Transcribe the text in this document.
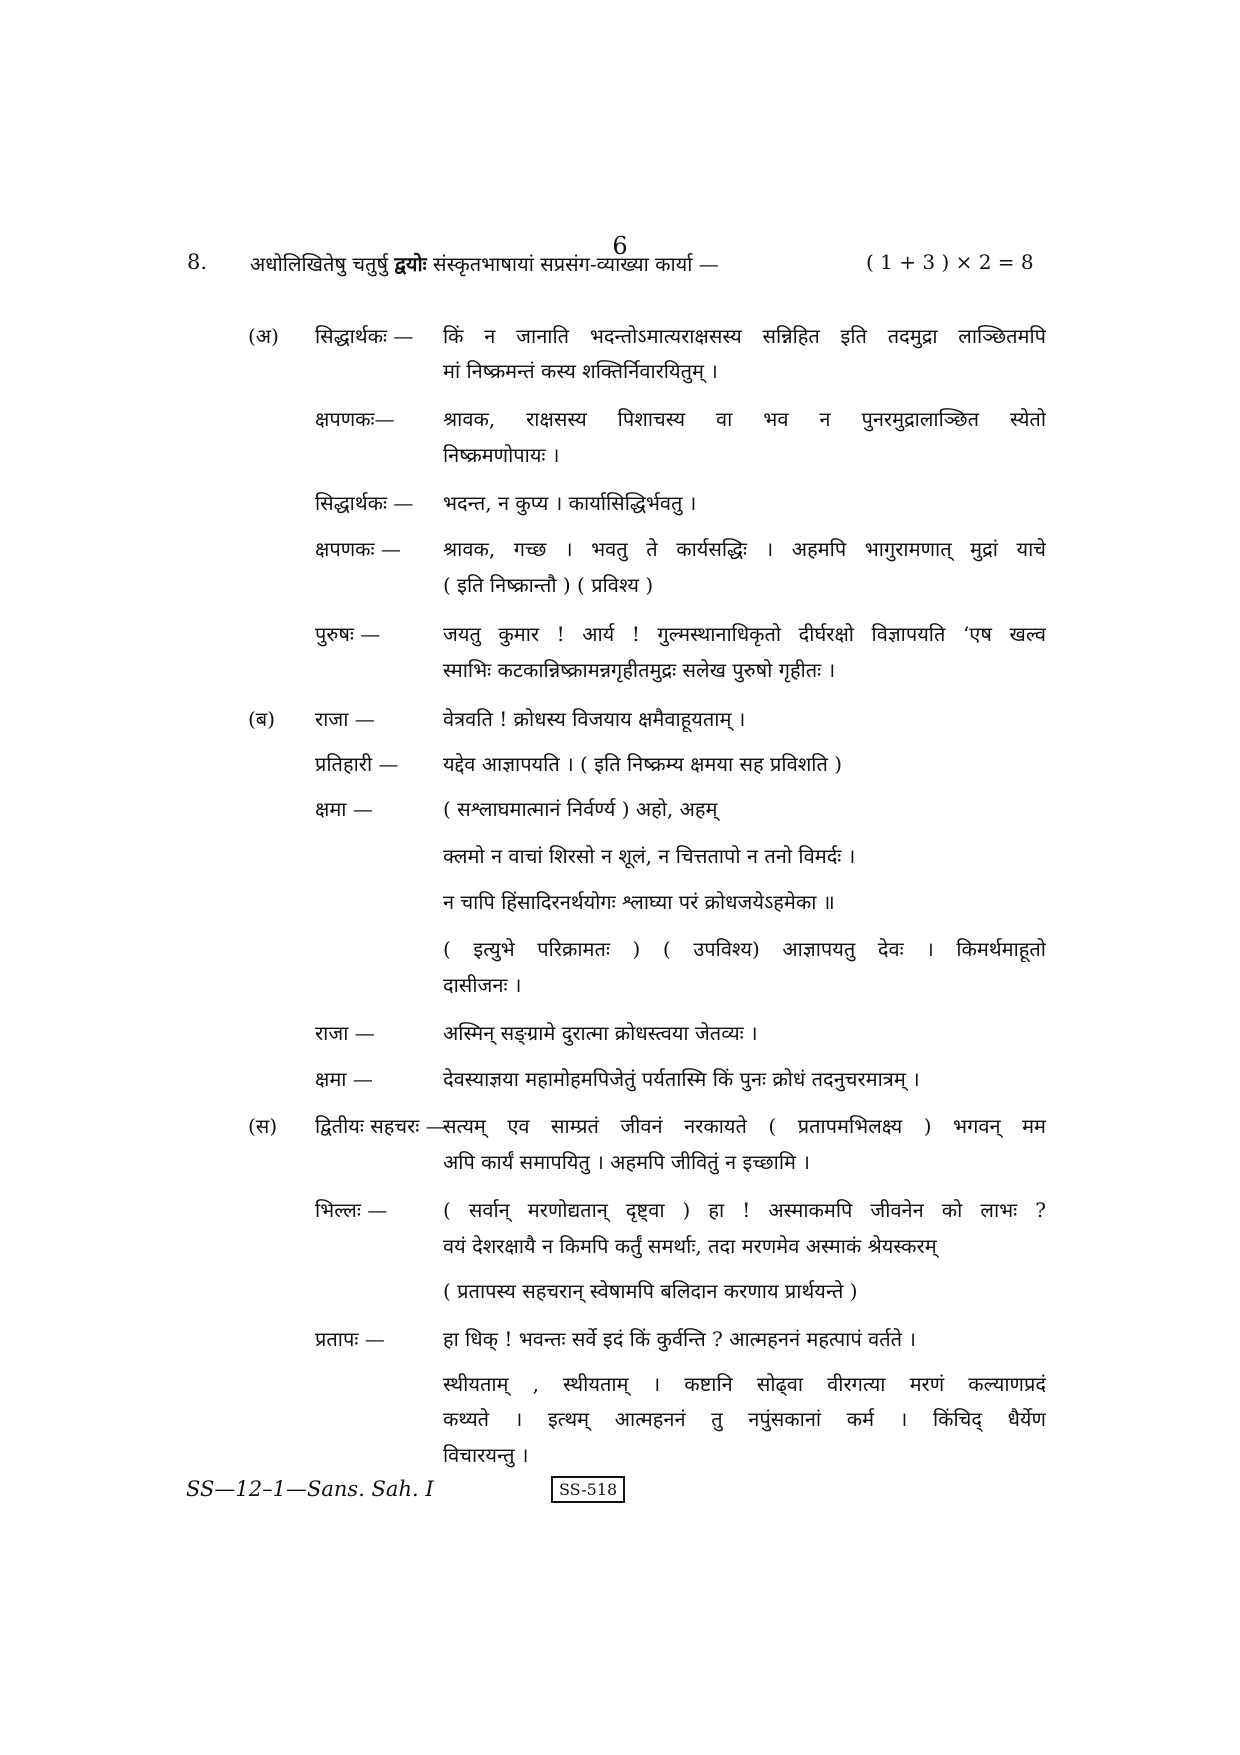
6
8. अधोलिखितेषु चतुर्षु द्वयोः संस्कृतभाषायां सप्रसंग-व्याख्या कार्या —	( 1 + 3 ) × 2 = 8
(अ) सिद्धार्थकः — किं न जानाति भदन्तोऽमात्यराक्षसस्य सन्निहित इति तदमुद्रा लाञ्छितमपि
मां निष्क्रमन्तं कस्य शक्तिर्निवारयितुम् ।
क्षपणकः— श्रावक, राक्षसस्य पिशाचस्य वा भव न पुनरमुद्रालाञ्छित स्येतो
निष्क्रमणोपायः ।
सिद्धार्थकः — भदन्त, न कुप्य । कार्यासिद्धिर्भवतु ।
क्षपणकः — श्रावक, गच्छ । भवतु ते कार्यसद्धिः । अहमपि भागुरामणात् मुद्रां याचे
( इति निष्क्रान्तौ ) ( प्रविश्य )
पुरुषः —	जयतु कुमार ! आर्य ! गुल्मस्थानाधिकृतो दीर्घरक्षो विज्ञापयति ‘एष खल्व
स्माभिः कटकान्निष्क्रामन्नगृहीतमुद्रः सलेख पुरुषो गृहीतः ।
(ब) राजा —	वेत्रवति ! क्रोधस्य विजयाय क्षमैवाहूयताम् ।
प्रतिहारी — यद्देव आज्ञापयति । ( इति निष्क्रम्य क्षमया सह प्रविशति )
क्षमा —	( सश्लाघमात्मानं निर्वर्ण्य ) अहो, अहम्
क्लमो न वाचां शिरसो न शूलं, न चित्ततापो न तनो विमर्दः ।
न चापि हिंसादिरनर्थयोगः श्लाघ्या परं क्रोधजयेऽहमेका ॥
( इत्युभे परिक्रामतः ) ( उपविश्य) आज्ञापयतु देवः । किमर्थमाहूतो
दासीजनः ।
राजा —	अस्मिन् सङ्ग्रामे दुरात्मा क्रोधस्त्वया जेतव्यः ।
क्षमा —	देवस्याज्ञया महामोहमपिजेतुं पर्यतास्मि किं पुनः क्रोधं तदनुचरमात्रम् ।
(स) द्वितीयः सहचरः —
सत्यम् एव साम्प्रतं जीवनं नरकायते ( प्रतापमभिलक्ष्य ) भगवन् मम
अपि कार्यं समापयितु । अहमपि जीवितुं न इच्छामि ।
भिल्लः —	( सर्वान् मरणोद्यतान् दृष्ट्वा ) हा ! अस्माकमपि जीवनेन को लाभः ?
वयं देशरक्षायै न किमपि कर्तुं समर्थाः, तदा मरणमेव अस्माकं श्रेयस्करम्
( प्रतापस्य सहचरान् स्वेषामपि बलिदान करणाय प्रार्थयन्ते )
प्रतापः —	हा धिक् ! भवन्तः सर्वे इदं किं कुर्वन्ति ? आत्महननं महत्पापं वर्तते ।
स्थीयताम् , स्थीयताम् । कष्टानि सोढ्वा वीरगत्या मरणं कल्याणप्रदं
कथ्यते । इत्थम् आत्महननं तु नपुंसकानां कर्म । किंचिद् धैर्येण
विचारयन्तु ।
SS—12–1—Sans. Sah. I	SS-518
